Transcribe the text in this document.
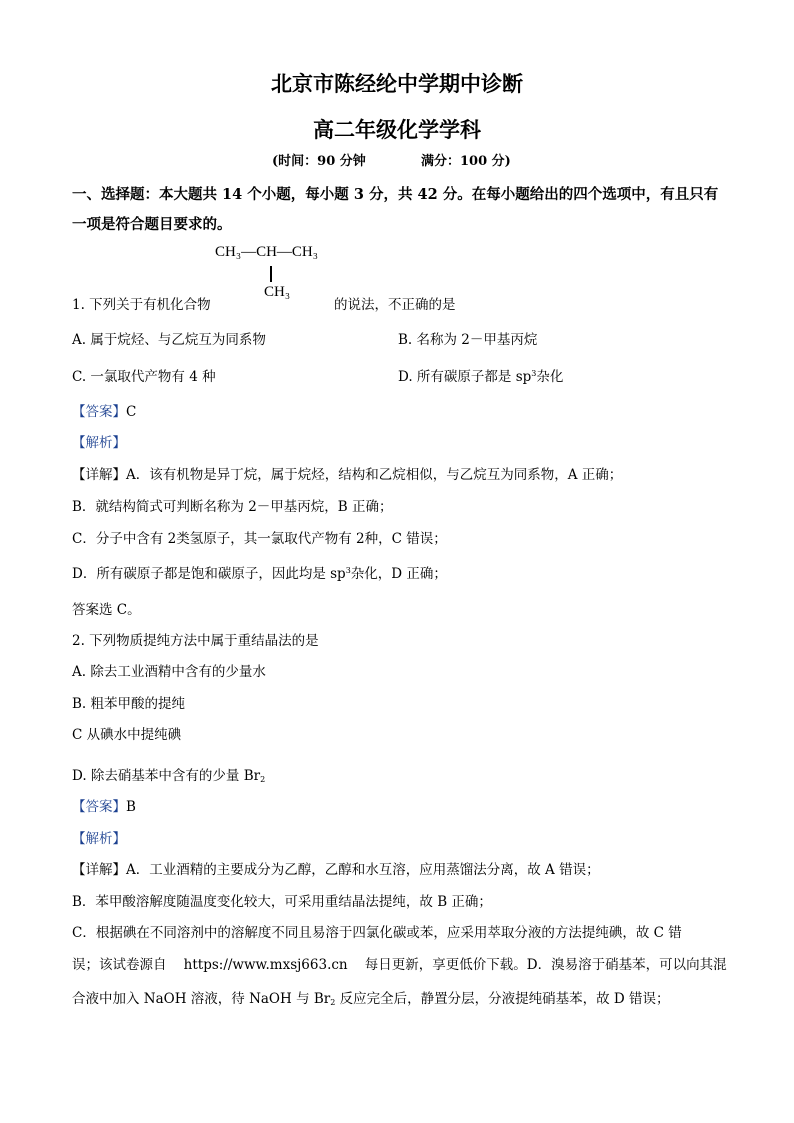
北京市陈经纶中学期中诊断
高二年级化学学科
(时间：90 分钟	满分：100 分)
一、选择题：本大题共 14 个小题，每小题 3 分，共 42 分。在每小题给出的四个选项中，有且只有一项是符合题目要求的。
CH₃—CH—CH₃
CH₃
1. 下列关于有机化合物	的说法，不正确的是
A. 属于烷烃、与乙烷互为同系物	B. 名称为 2－甲基丙烷
C. 一氯取代产物有 4 种	D. 所有碳原子都是 $sp^3$杂化
【答案】C
【解析】
【详解】A．该有机物是异丁烷，属于烷烃，结构和乙烷相似，与乙烷互为同系物，A 正确；
B．就结构简式可判断名称为 2－甲基丙烷，B 正确；
C．分子中含有 2类氢原子，其一氯取代产物有 2种，C 错误；
D．所有碳原子都是饱和碳原子，因此均是 $sp^3$杂化，D 正确；
答案选 C。
2. 下列物质提纯方法中属于重结晶法的是
A. 除去工业酒精中含有的少量水
B. 粗苯甲酸的提纯
C 从碘水中提纯碘
D. 除去硝基苯中含有的少量 $Br_2$
【答案】B
【解析】
【详解】A．工业酒精的主要成分为乙醇，乙醇和水互溶，应用蒸馏法分离，故 A 错误；
B．苯甲酸溶解度随温度变化较大，可采用重结晶法提纯，故 B 正确；
C．根据碘在不同溶剂中的溶解度不同且易溶于四氯化碳或苯，应采用萃取分液的方法提纯碘，故 C 错
误；该试卷源自    https://www.mxsj663.cn    每日更新，享更低价下载。D．溴易溶于硝基苯，可以向其混
合液中加入 NaOH 溶液，待 NaOH 与 $Br_2$ 反应完全后，静置分层，分液提纯硝基苯，故 D 错误；
